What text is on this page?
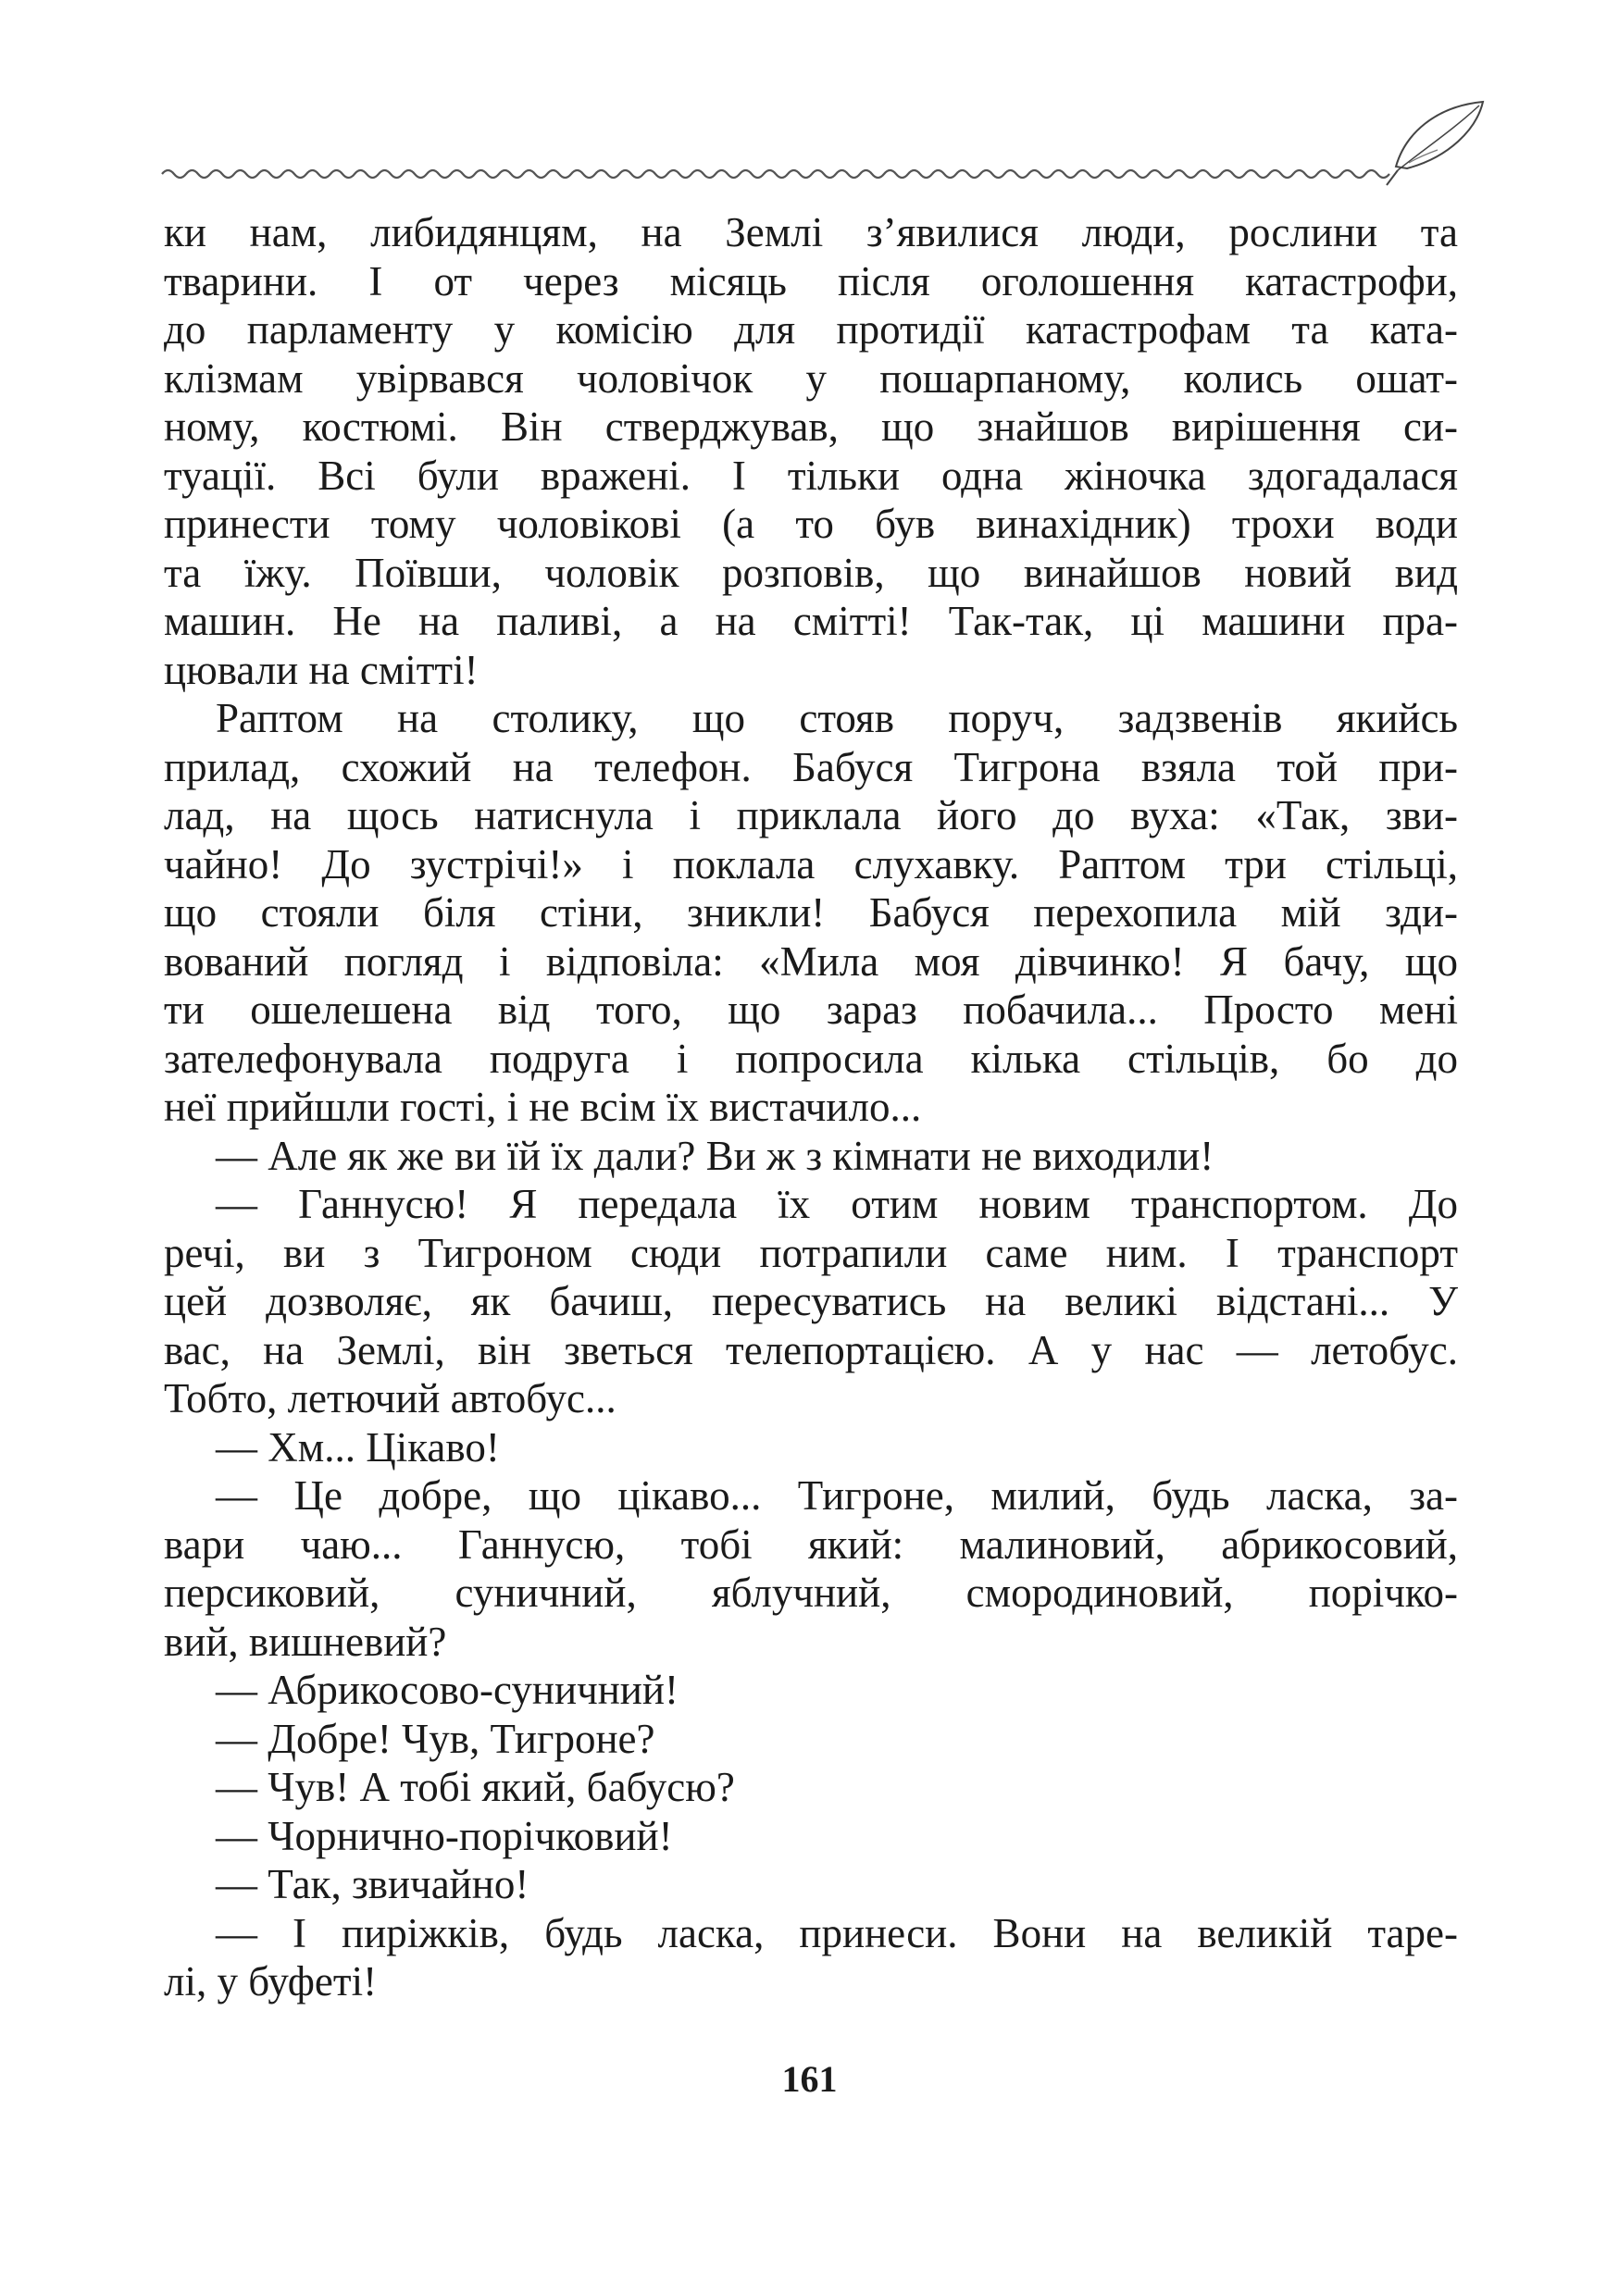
ки нам, либидянцям, на Землі з’явилися люди, рослини та
тварини. І от через місяць після оголошення катастрофи,
до парламенту у комісію для протидії катастрофам та ката-
клізмам увірвався чоловічок у пошарпаному, колись ошат-
ному, костюмі. Він стверджував, що знайшов вирішення си-
туації. Всі були вражені. І тільки одна жіночка здогадалася
принести тому чоловікові (а то був винахідник) трохи води
та їжу. Поївши, чоловік розповів, що винайшов новий вид
машин. Не на паливі, а на смітті! Так-так, ці машини пра-
цювали на смітті!
Раптом на столику, що стояв поруч, задзвенів якийсь
прилад, схожий на телефон. Бабуся Тигрона взяла той при-
лад, на щось натиснула і приклала його до вуха: «Так, зви-
чайно! До зустрічі!» і поклала слухавку. Раптом три стільці,
що стояли біля стіни, зникли! Бабуся перехопила мій зди-
вований погляд і відповіла: «Мила моя дівчинко! Я бачу, що
ти ошелешена від того, що зараз побачила... Просто мені
зателефонувала подруга і попросила кілька стільців, бо до
неї прийшли гості, і не всім їх вистачило...
— Але як же ви їй їх дали? Ви ж з кімнати не виходили!
— Ганнусю! Я передала їх отим новим транспортом. До
речі, ви з Тигроном сюди потрапили саме ним. І транспорт
цей дозволяє, як бачиш, пересуватись на великі відстані... У
вас, на Землі, він зветься телепортацією. А у нас — летобус.
Тобто, летючий автобус...
— Хм... Цікаво!
— Це добре, що цікаво... Тигроне, милий, будь ласка, за-
вари чаю... Ганнусю, тобі який: малиновий, абрикосовий,
персиковий, суничний, яблучний, смородиновий, порічко-
вий, вишневий?
— Абрикосово-суничний!
— Добре! Чув, Тигроне?
— Чув! А тобі який, бабусю?
— Чорнично-порічковий!
— Так, звичайно!
— І пиріжків, будь ласка, принеси. Вони на великій таре-
лі, у буфеті!
161
